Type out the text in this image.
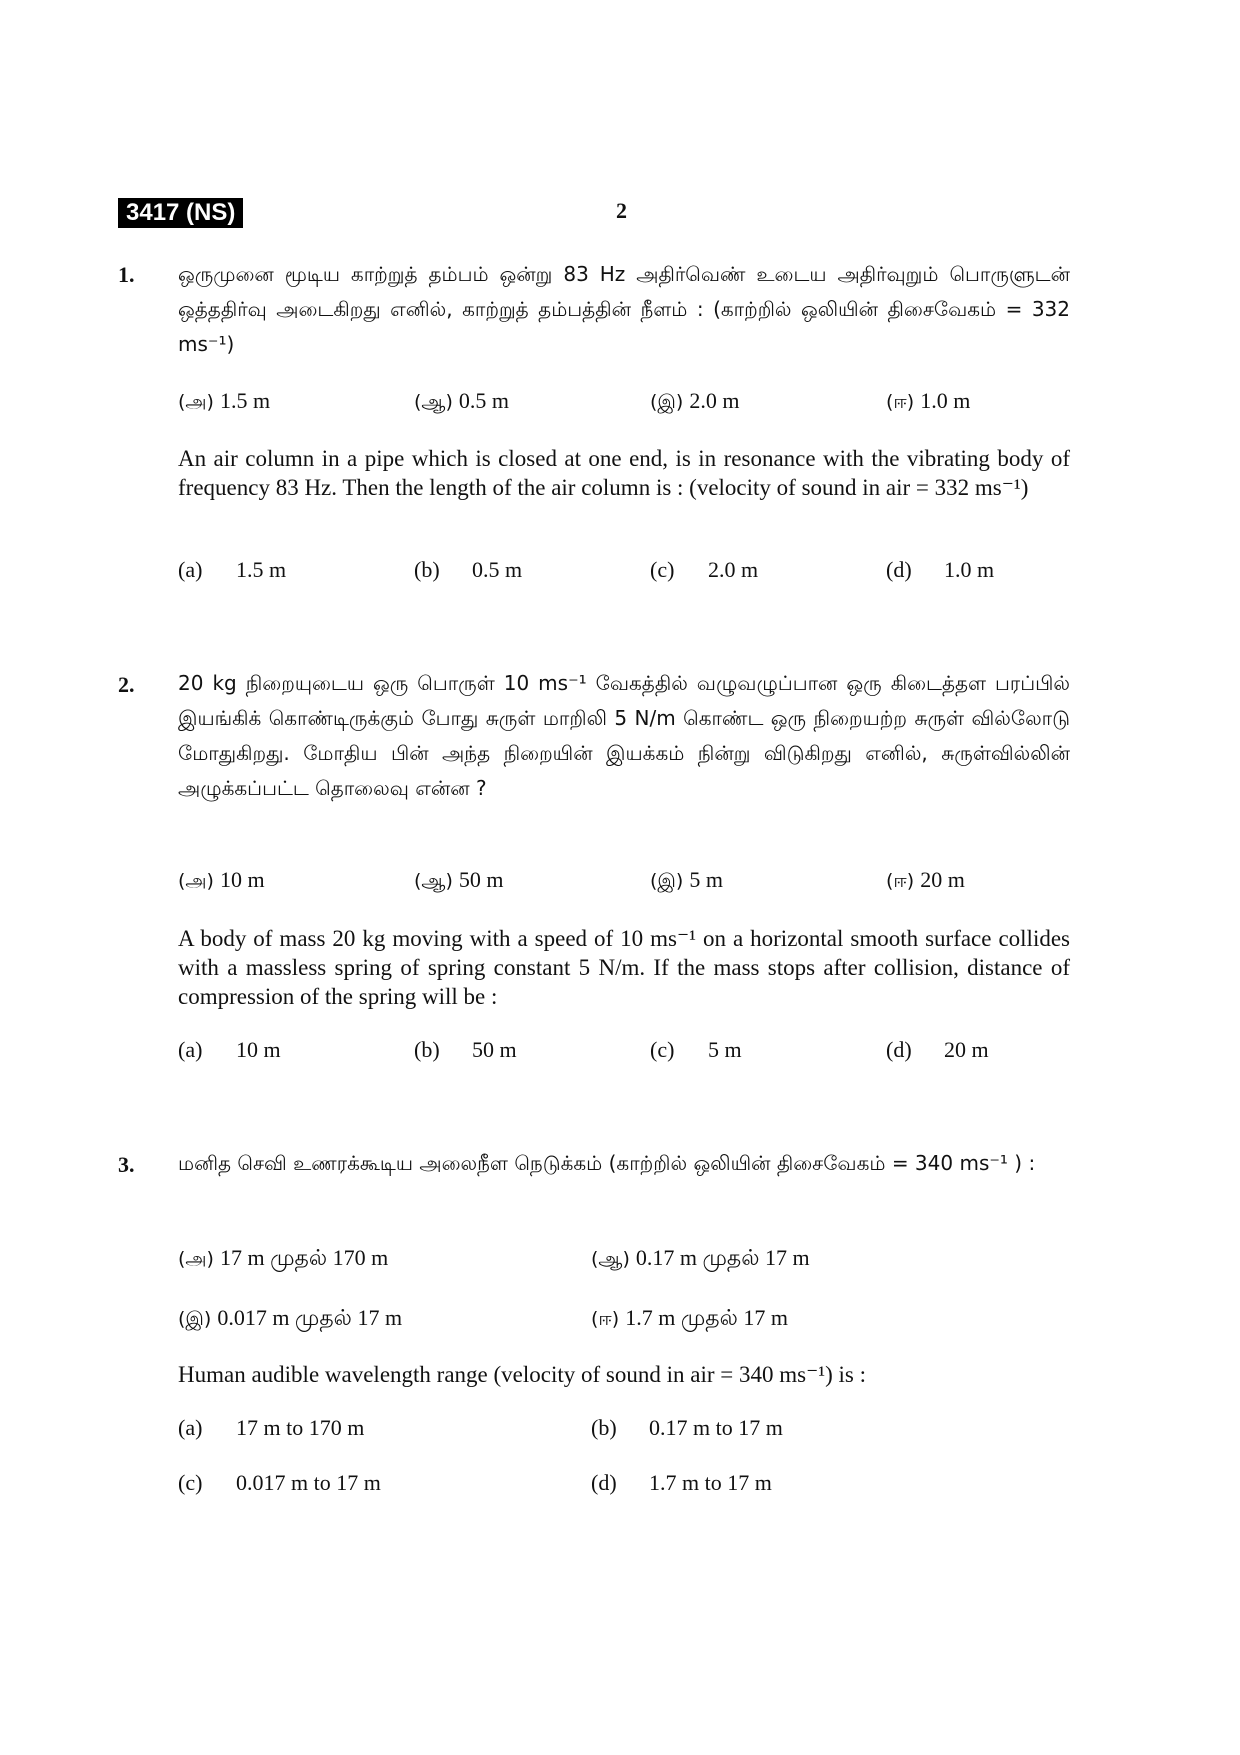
3417 (NS)	2
1. ஒருமுனை மூடிய காற்றுத் தம்பம் ஒன்று 83 Hz அதிர்வெண் உடைய அதிர்வுறும் பொருளுடன் ஒத்ததிர்வு அடைகிறது எனில், காற்றுத் தம்பத்தின் நீளம் : (காற்றில் ஒலியின் திசைவேகம் = 332 ms⁻¹)
(அ) 1.5 m	(ஆ) 0.5 m	(இ) 2.0 m	(ஈ) 1.0 m
An air column in a pipe which is closed at one end, is in resonance with the vibrating body of frequency 83 Hz. Then the length of the air column is : (velocity of sound in air = 332 ms⁻¹)
(a) 1.5 m	(b) 0.5 m	(c) 2.0 m	(d) 1.0 m
2. 20 kg நிறையுடைய ஒரு பொருள் 10 ms⁻¹ வேகத்தில் வழுவழுப்பான ஒரு கிடைத்தள பரப்பில் இயங்கிக் கொண்டிருக்கும் போது சுருள் மாறிலி 5 N/m கொண்ட ஒரு நிறையற்ற சுருள் வில்லோடு மோதுகிறது. மோதிய பின் அந்த நிறையின் இயக்கம் நின்று விடுகிறது எனில், சுருள்வில்லின் அழுக்கப்பட்ட தொலைவு என்ன ?
(அ) 10 m	(ஆ) 50 m	(இ) 5 m	(ஈ) 20 m
A body of mass 20 kg moving with a speed of 10 ms⁻¹ on a horizontal smooth surface collides with a massless spring of spring constant 5 N/m. If the mass stops after collision, distance of compression of the spring will be :
(a) 10 m	(b) 50 m	(c) 5 m	(d) 20 m
3. மனித செவி உணரக்கூடிய அலைநீள நெடுக்கம் (காற்றில் ஒலியின் திசைவேகம் = 340 ms⁻¹ ) :
(அ) 17 m முதல் 170 m	(ஆ) 0.17 m முதல் 17 m
(இ) 0.017 m முதல் 17 m	(ஈ) 1.7 m முதல் 17 m
Human audible wavelength range (velocity of sound in air = 340 ms⁻¹) is :
(a) 17 m to 170 m	(b) 0.17 m to 17 m
(c) 0.017 m to 17 m	(d) 1.7 m to 17 m
